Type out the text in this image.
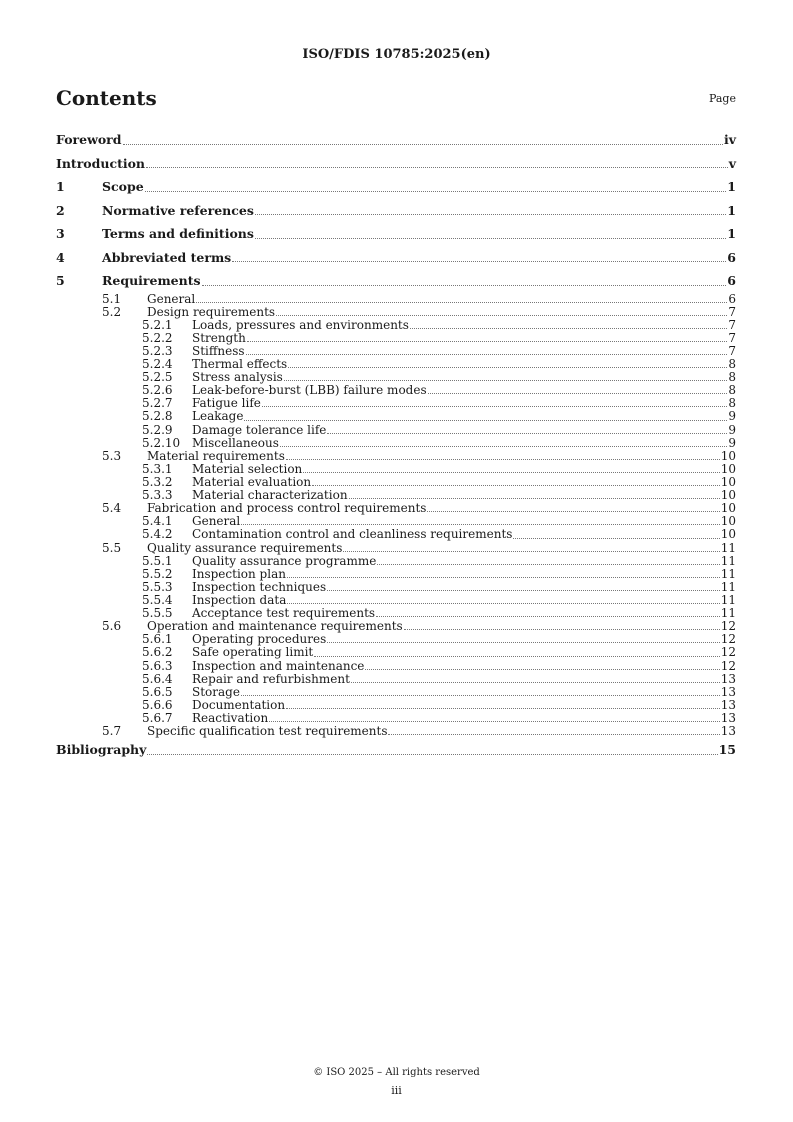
ISO/FDIS 10785:2025(en)
Contents	Page
Foreword	iv
Introduction	v
1	Scope	1
2	Normative references	1
3	Terms and definitions	1
4	Abbreviated terms	6
5	Requirements	6
5.1	General	6
5.2	Design requirements	7
5.2.1	Loads, pressures and environments	7
5.2.2	Strength	7
5.2.3	Stiffness	7
5.2.4	Thermal effects	8
5.2.5	Stress analysis	8
5.2.6	Leak-before-burst (LBB) failure modes	8
5.2.7	Fatigue life	8
5.2.8	Leakage	9
5.2.9	Damage tolerance life	9
5.2.10 Miscellaneous	9
5.3	Material requirements	10
5.3.1	Material selection	10
5.3.2	Material evaluation	10
5.3.3	Material characterization	10
5.4	Fabrication and process control requirements	10
5.4.1	General	10
5.4.2	Contamination control and cleanliness requirements	10
5.5	Quality assurance requirements	11
5.5.1	Quality assurance programme	11
5.5.2	Inspection plan	11
5.5.3	Inspection techniques	11
5.5.4	Inspection data	11
5.5.5	Acceptance test requirements	11
5.6	Operation and maintenance requirements	12
5.6.1	Operating procedures	12
5.6.2	Safe operating limit	12
5.6.3	Inspection and maintenance	12
5.6.4	Repair and refurbishment	13
5.6.5	Storage	13
5.6.6	Documentation	13
5.6.7	Reactivation	13
5.7	Specific qualification test requirements	13
Bibliography	15
© ISO 2025 – All rights reserved
iii
